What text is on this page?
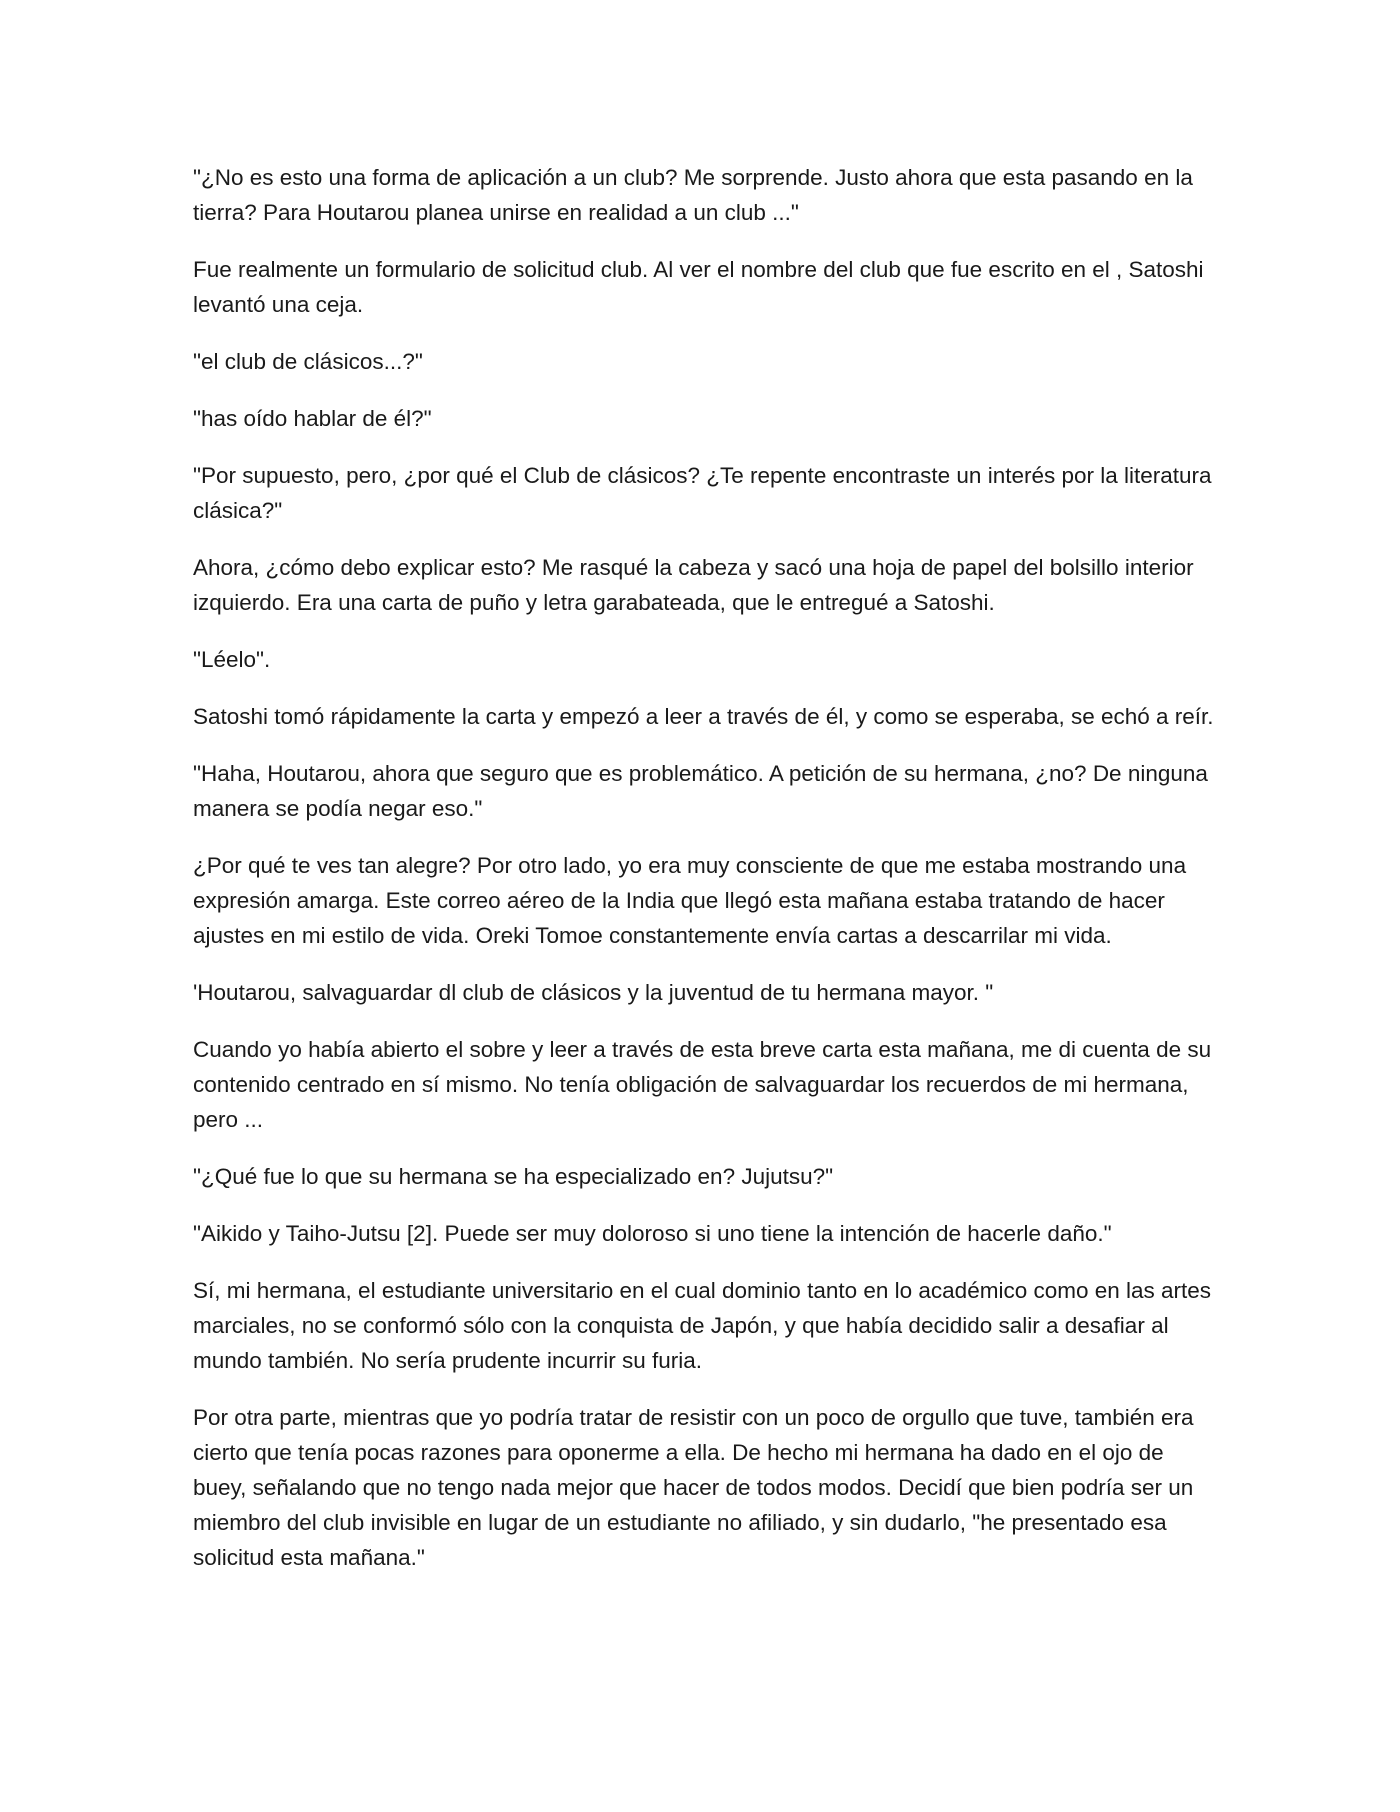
"¿No es esto una forma de aplicación a un club? Me sorprende. Justo ahora que esta pasando en la tierra? Para Houtarou planea unirse en realidad a un club ..."

Fue realmente un formulario de solicitud club. Al ver el nombre del club que fue escrito en el , Satoshi levantó una ceja.

"el club de clásicos...?"

"has oído hablar de él?"

"Por supuesto, pero, ¿por qué el Club de clásicos? ¿Te repente encontraste un interés por la literatura clásica?"

Ahora, ¿cómo debo explicar esto? Me rasqué la cabeza y sacó una hoja de papel del bolsillo interior izquierdo. Era una carta de puño y letra garabateada, que le entregué a Satoshi.

"Léelo".

Satoshi tomó rápidamente la carta y empezó a leer a través de él, y como se esperaba, se echó a reír.

"Haha, Houtarou, ahora que seguro que es problemático. A petición de su hermana, ¿no? De ninguna manera se podía negar eso."

¿Por qué te ves tan alegre? Por otro lado, yo era muy consciente de que me estaba mostrando una expresión amarga. Este correo aéreo de la India que llegó esta mañana estaba tratando de hacer ajustes en mi estilo de vida. Oreki Tomoe constantemente envía cartas a descarrilar mi vida.

'Houtarou, salvaguardar dl club de clásicos y la juventud de tu hermana mayor. "

Cuando yo había abierto el sobre y leer a través de esta breve carta esta mañana, me di cuenta de su contenido centrado en sí mismo. No tenía obligación de salvaguardar los recuerdos de mi hermana, pero ...

"¿Qué fue lo que su hermana se ha especializado en? Jujutsu?"

"Aikido y Taiho-Jutsu [2]. Puede ser muy doloroso si uno tiene la intención de hacerle daño."

Sí, mi hermana, el estudiante universitario en el cual dominio tanto en lo académico como en las artes marciales, no se conformó sólo con la conquista de Japón, y que había decidido salir a desafiar al mundo también. No sería prudente incurrir su furia.

Por otra parte, mientras que yo podría tratar de resistir con un poco de orgullo que tuve, también era cierto que tenía pocas razones para oponerme a ella. De hecho mi hermana ha dado en el ojo de buey, señalando que no tengo nada mejor que hacer de todos modos. Decidí que bien podría ser un miembro del club invisible en lugar de un estudiante no afiliado, y sin dudarlo, "he presentado esa solicitud esta mañana."
